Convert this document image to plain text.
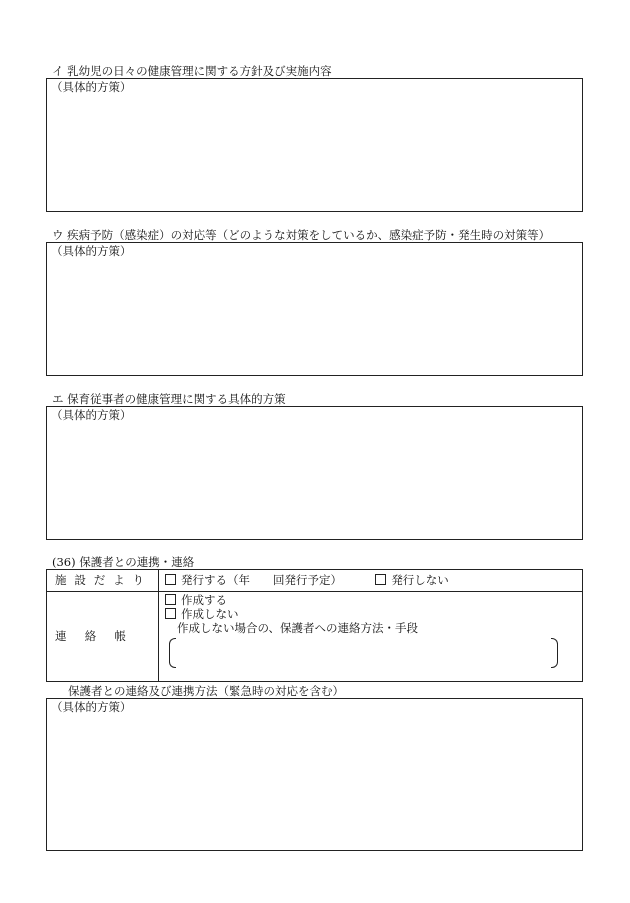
イ 乳幼児の日々の健康管理に関する方針及び実施内容
（具体的方策）
ウ 疾病予防（感染症）の対応等（どのような対策をしているか、感染症予防・発生時の対策等）
（具体的方策）
エ 保育従事者の健康管理に関する具体的方策
（具体的方策）
(36) 保護者との連携・連絡
施 設 だ よ り	発行する（年　　回発行予定） 発行しない

連 絡 帳	作成する
作成しない
作成しない場合の、保護者への連絡方法・手段
保護者との連絡及び連携方法（緊急時の対応を含む）
（具体的方策）
